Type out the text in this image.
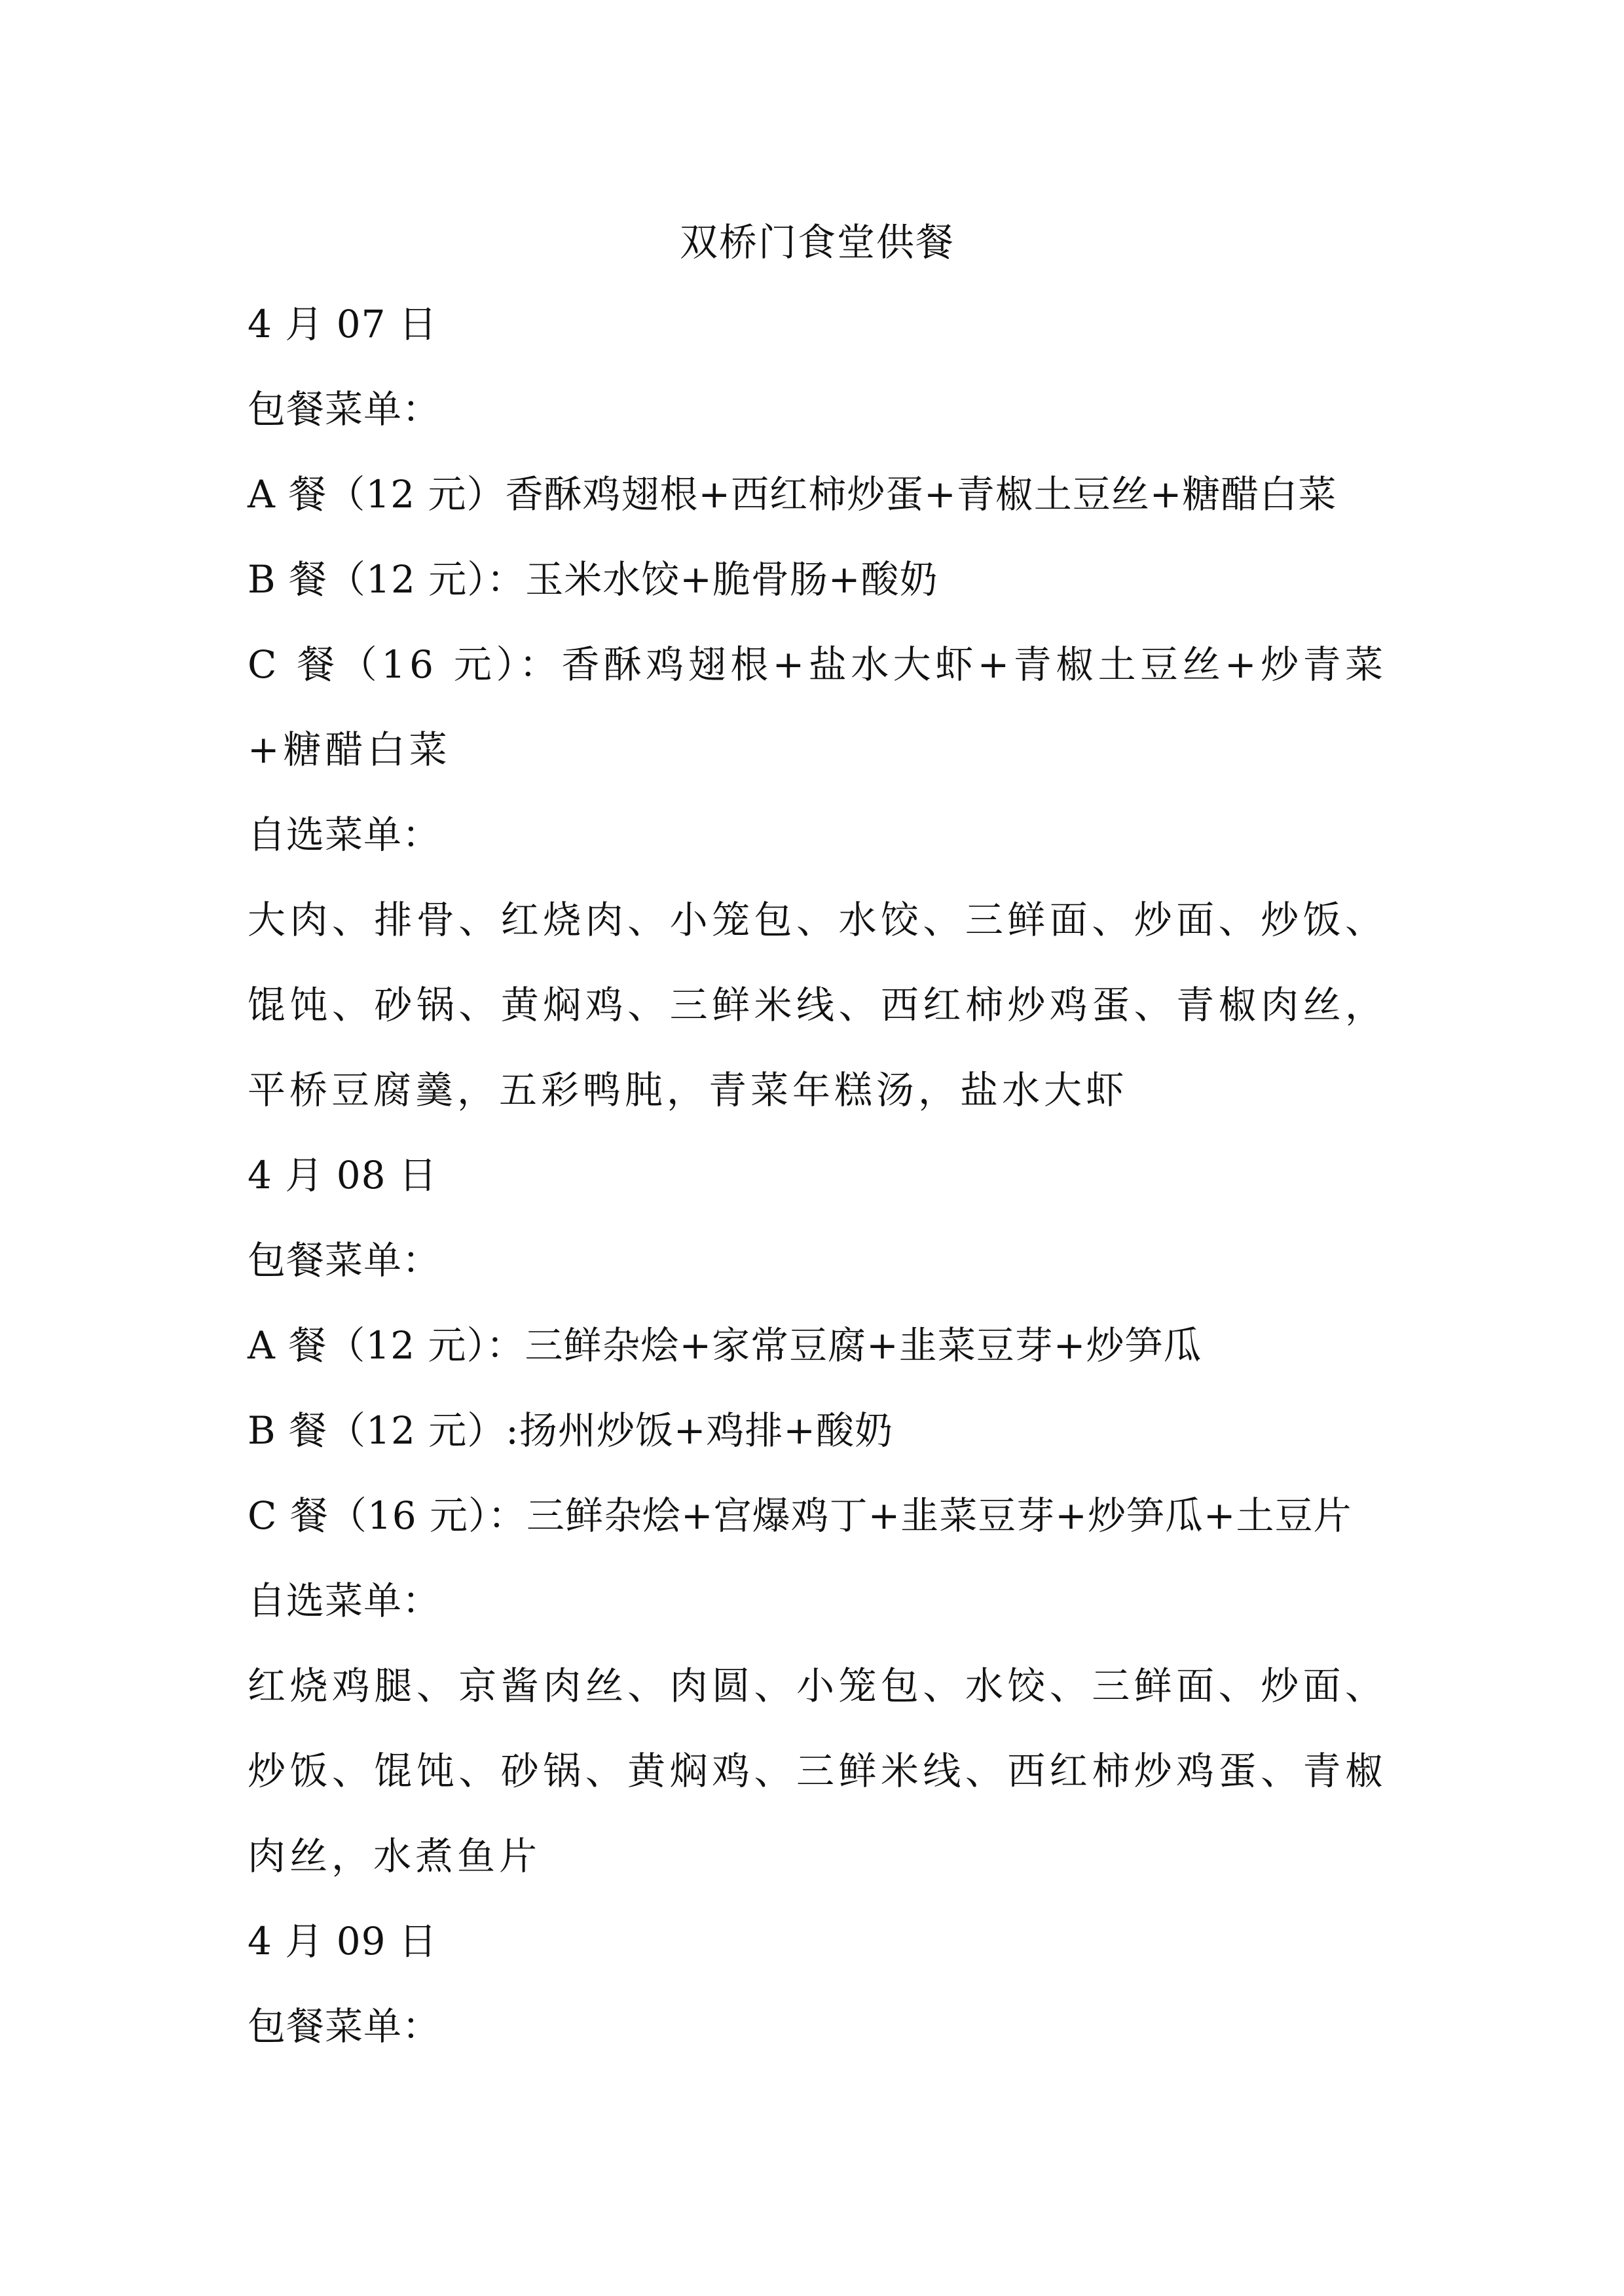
双桥门食堂供餐
4 月 07 日
包餐菜单：
A 餐（12 元）香酥鸡翅根+西红柿炒蛋+青椒土豆丝+糖醋白菜
B 餐（12 元）：玉米水饺+脆骨肠+酸奶
C 餐（16 元）：香酥鸡翅根+盐水大虾+青椒土豆丝+炒青菜+糖醋白菜
自选菜单：
大肉、排骨、红烧肉、小笼包、水饺、三鲜面、炒面、炒饭、馄饨、砂锅、黄焖鸡、三鲜米线、西红柿炒鸡蛋、青椒肉丝，平桥豆腐羹，五彩鸭肫，青菜年糕汤，盐水大虾
4 月 08 日
包餐菜单：
A 餐（12 元）：三鲜杂烩+家常豆腐+韭菜豆芽+炒笋瓜
B 餐（12 元）:扬州炒饭+鸡排+酸奶
C 餐（16 元）：三鲜杂烩+宫爆鸡丁+韭菜豆芽+炒笋瓜+土豆片
自选菜单：
红烧鸡腿、京酱肉丝、肉圆、小笼包、水饺、三鲜面、炒面、炒饭、馄饨、砂锅、黄焖鸡、三鲜米线、西红柿炒鸡蛋、青椒肉丝，水煮鱼片
4 月 09 日
包餐菜单：
